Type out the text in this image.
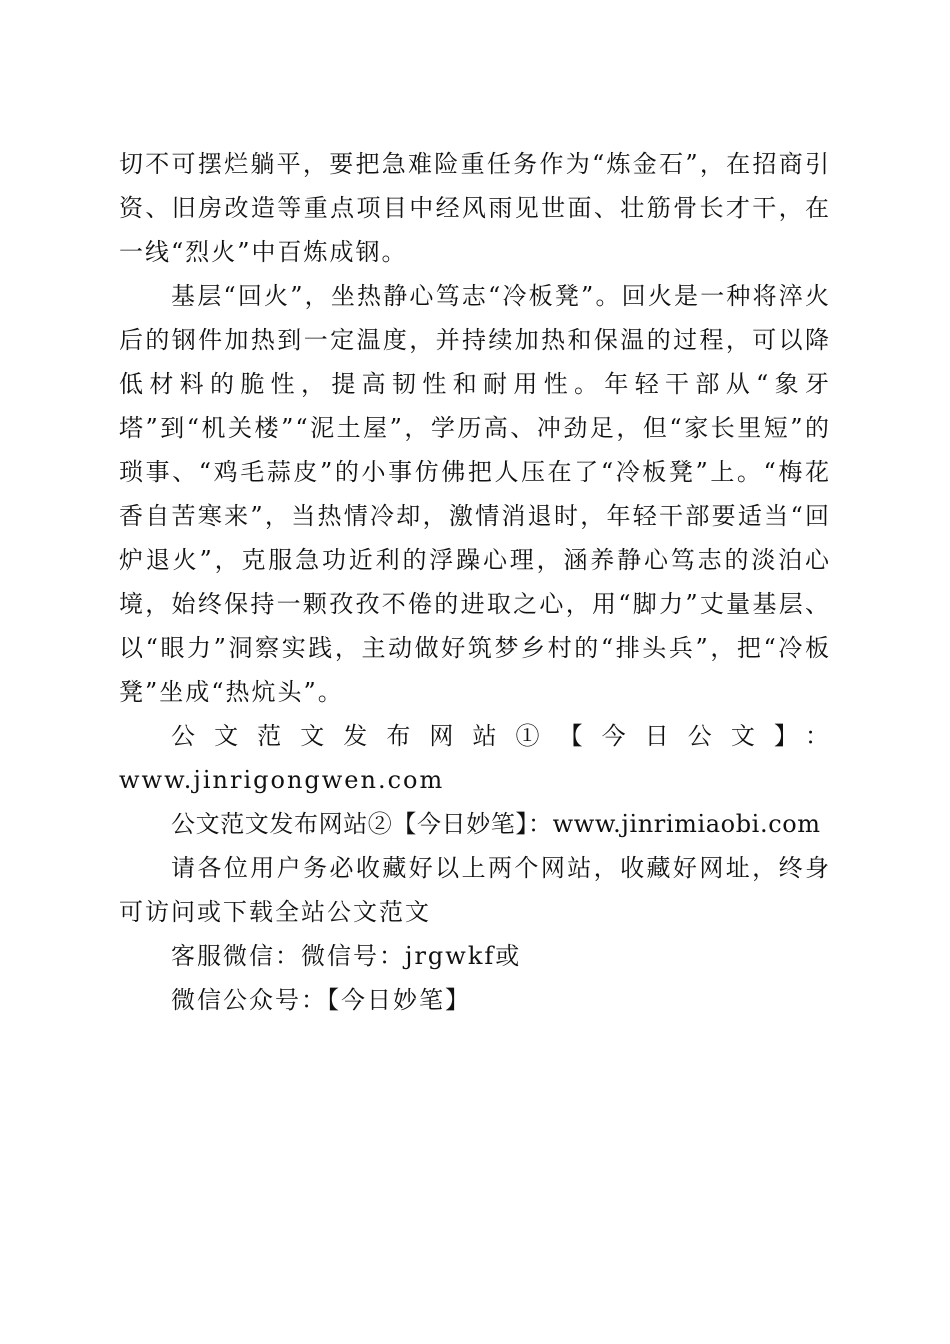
切不可摆烂躺平，要把急难险重任务作为“炼金石”，在招商引资、旧房改造等重点项目中经风雨见世面、壮筋骨长才干，在一线“烈火”中百炼成钢。

基层“回火”，坐热静心笃志“冷板凳”。回火是一种将淬火后的钢件加热到一定温度，并持续加热和保温的过程，可以降低材料的脆性，提高韧性和耐用性。年轻干部从“象牙塔”到“机关楼”“泥土屋”，学历高、冲劲足，但“家长里短”的琐事、“鸡毛蒜皮”的小事仿佛把人压在了“冷板凳”上。“梅花香自苦寒来”，当热情冷却，激情消退时，年轻干部要适当“回炉退火”，克服急功近利的浮躁心理，涵养静心笃志的淡泊心境，始终保持一颗孜孜不倦的进取之心，用“脚力”丈量基层、以“眼力”洞察实践，主动做好筑梦乡村的“排头兵”，把“冷板凳”坐成“热炕头”。

公文范文发布网站①【今日公文】：

www.jinrigongwen.com

公文范文发布网站②【今日妙笔】：www.jinrimiaobi.com

请各位用户务必收藏好以上两个网站，收藏好网址，终身可访问或下载全站公文范文

客服微信：微信号：jrgwkf或

微信公众号：【今日妙笔】
